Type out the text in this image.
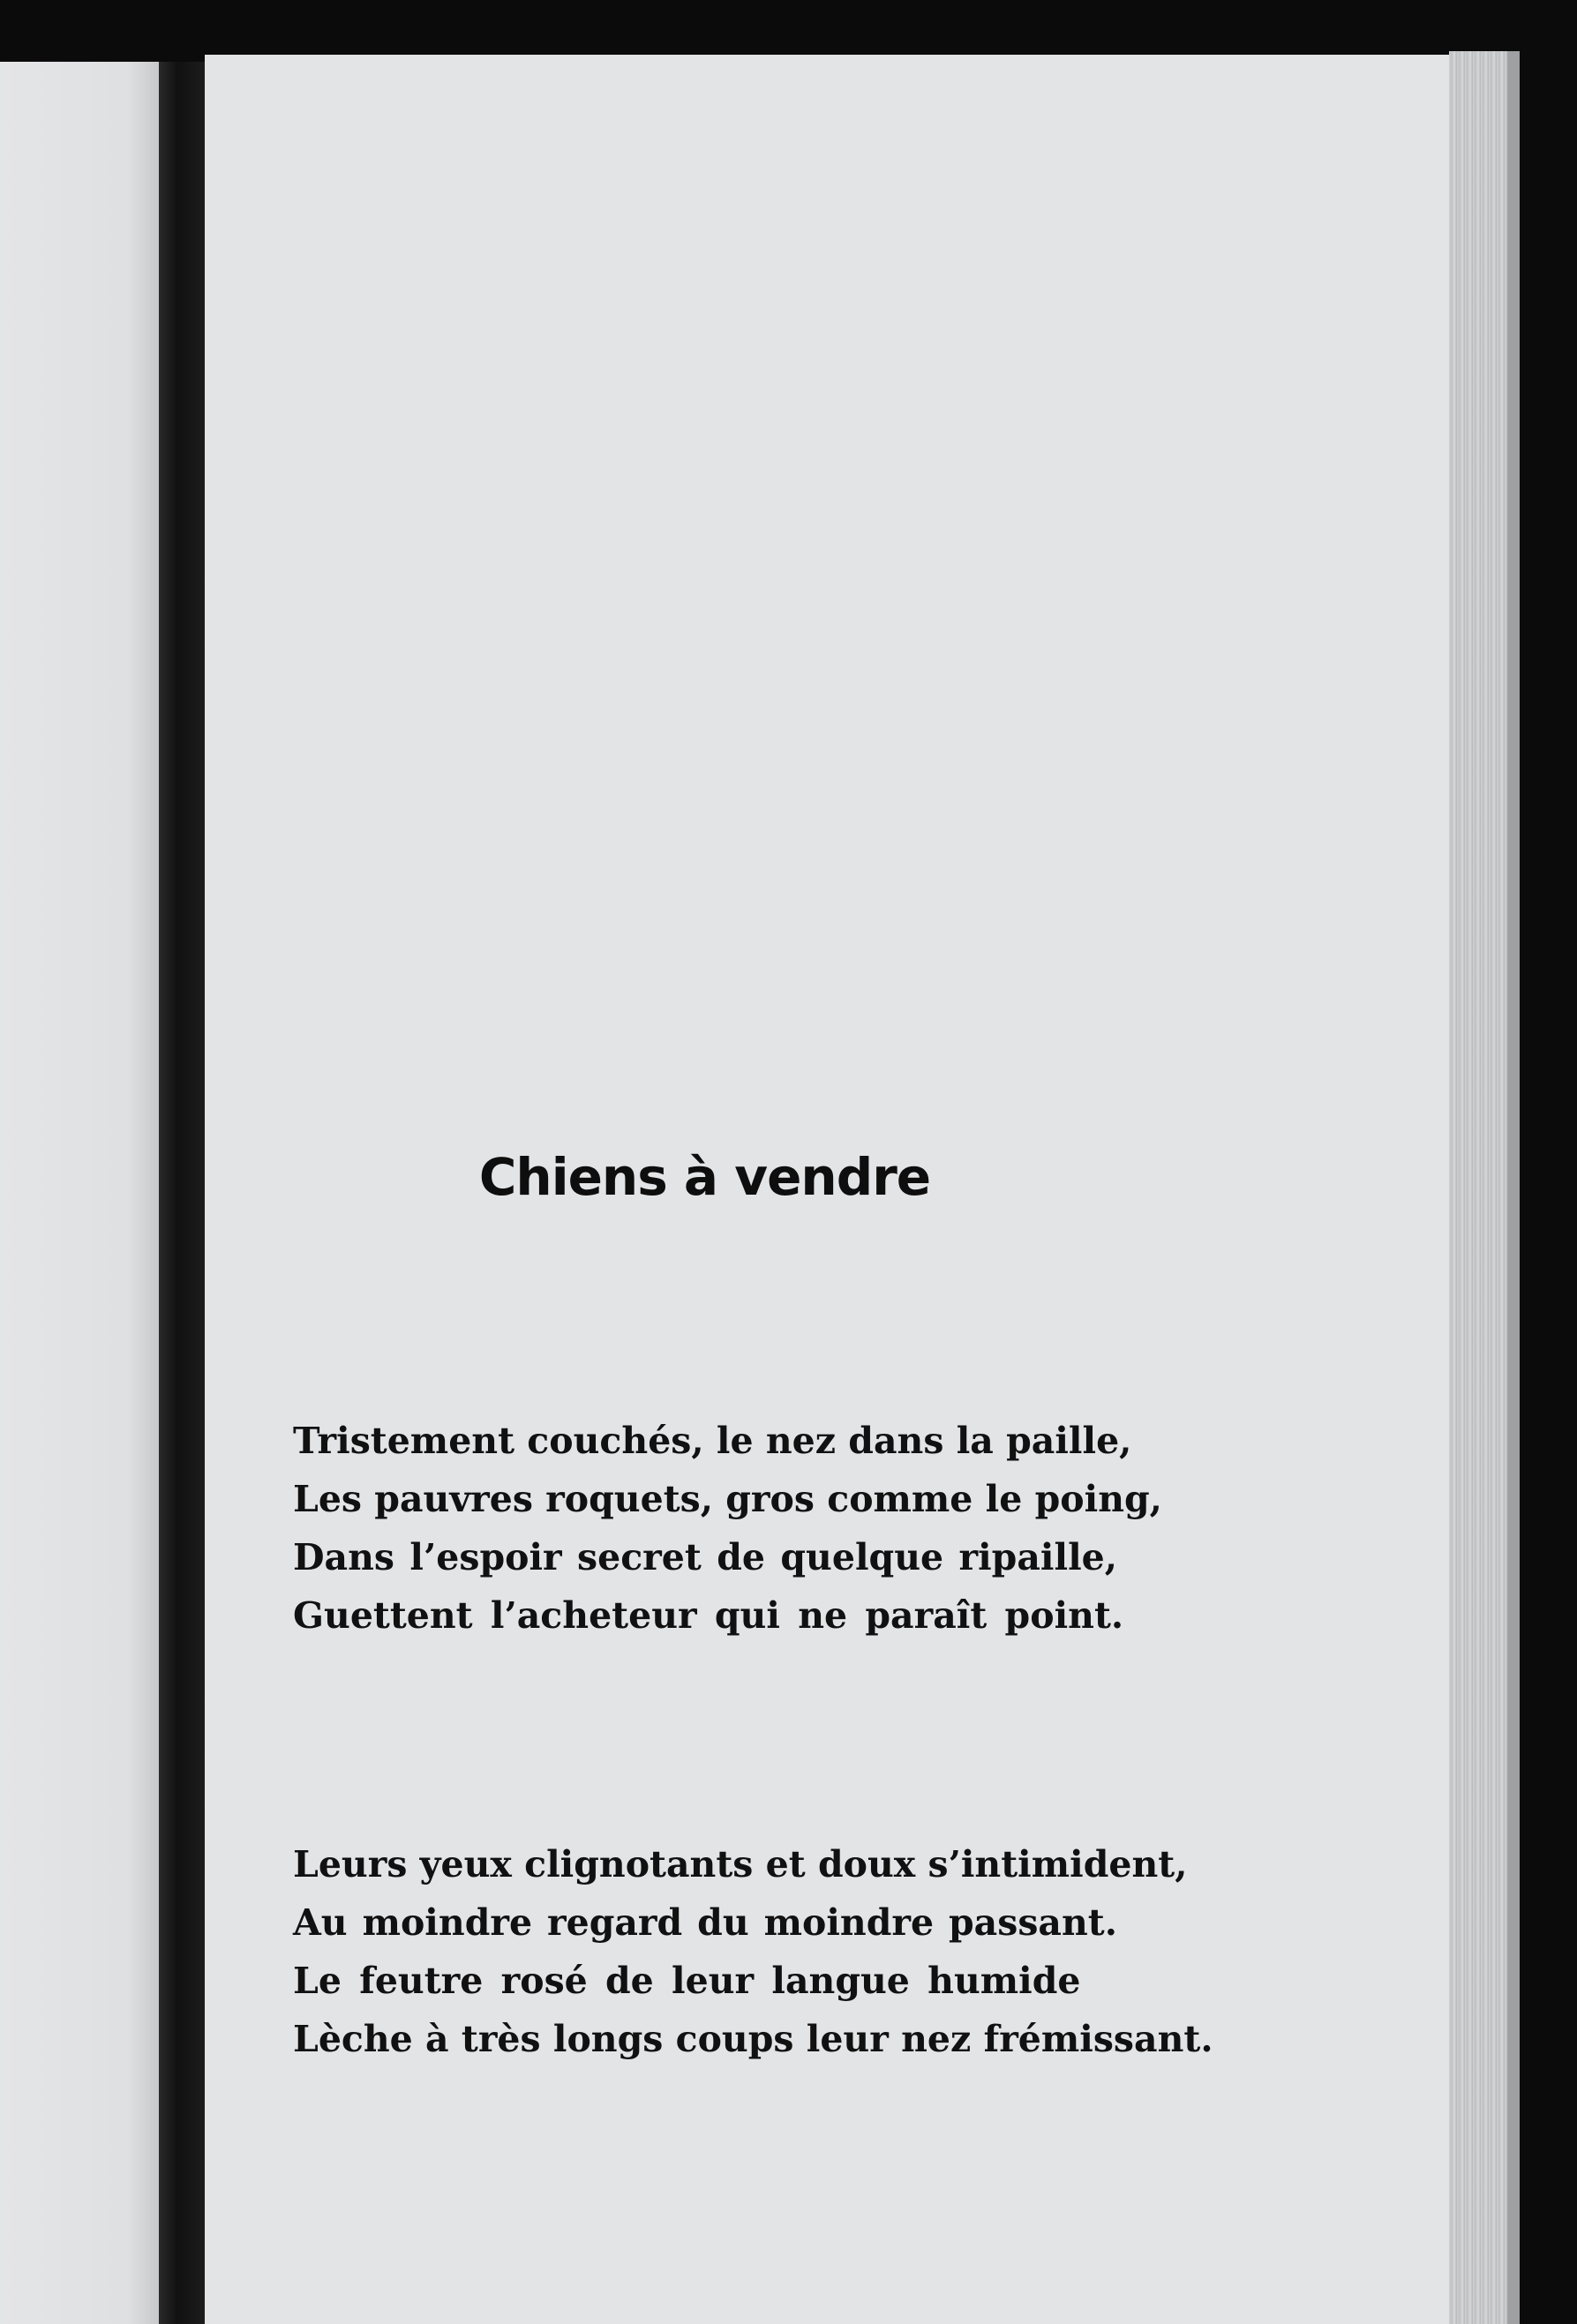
Chiens à vendre
Tristement couchés, le nez dans la paille,
Les pauvres roquets, gros comme le poing,
Dans l’espoir secret de quelque ripaille,
Guettent l’acheteur qui ne paraît point.
Leurs yeux clignotants et doux s’intimident,
Au moindre regard du moindre passant.
Le feutre rosé de leur langue humide
Lèche à très longs coups leur nez frémissant.
